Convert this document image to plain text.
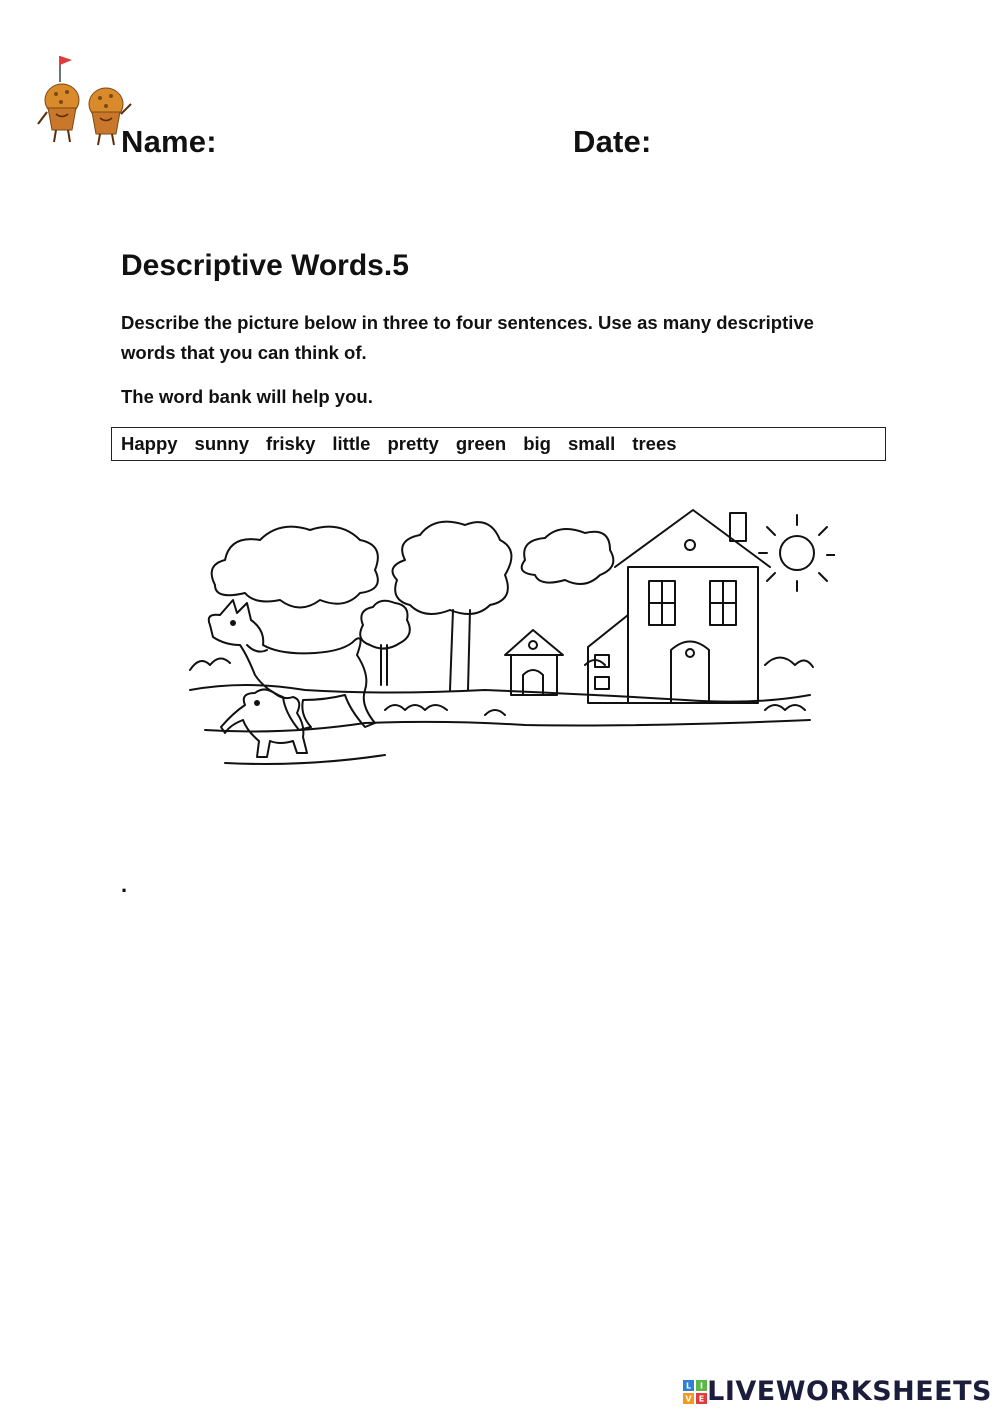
Name:	Date:
Descriptive Words.5
Describe the picture below in three to four sentences. Use as many descriptive words that you can think of.
The word bank will help you.
Happy sunny frisky little pretty green big small trees
.
L I
V E LIVEWORKSHEETS
